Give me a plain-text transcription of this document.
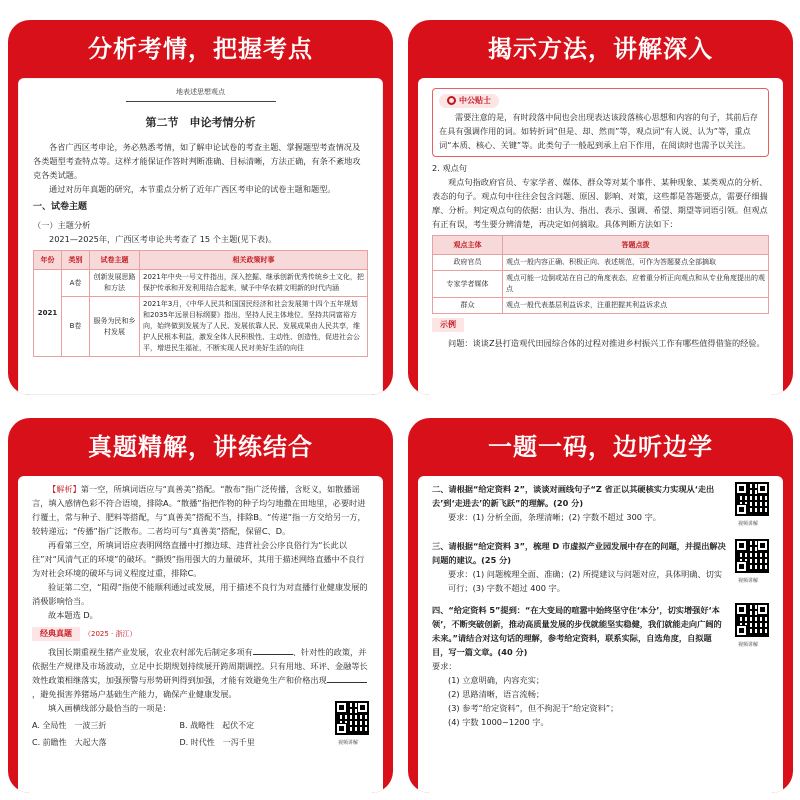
分析考情，把握考点
地表述思想观点
第二节　申论考情分析

各省广西区考申论，务必熟悉考情，如了解申论试卷的考查主题、掌握题型考查情况及各类题型考查特点等。这样才能保证作答时判断准确、目标清晰，方法正确，有条不紊地攻克各类试题。

通过对历年真题的研究，本节重点分析了近年广西区考申论的试卷主题和题型。

一、试卷主题
（一）主题分析

2021—2025年，广西区考申论共考查了 15 个主题(见下表)。

年份	类别	试卷主题	相关政策时事
2021	A卷	创新发展思路和方法	2021年中央一号文件指出，深入挖掘、继承创新优秀传统乡土文化，把保护传承和开发利用结合起来，赋予中华农耕文明新的时代内涵
	B卷	服务为民和乡村发展	2021年3月，《中华人民共和国国民经济和社会发展第十四个五年规划和2035年远景目标纲要》指出，坚持人民主体地位，坚持共同富裕方向，始终做到发展为了人民、发展依靠人民、发展成果由人民共享，维护人民根本利益，激发全体人民积极性、主动性、创造性，促进社会公平，增进民生福祉，不断实现人民对美好生活的向往
揭示方法，讲解深入
中公贴士

需要注意的是，有时段落中间也会出现表达该段落核心思想和内容的句子，其前后存在具有强调作用的词。如转折词“但是、却、然而”等，观点词“有人说、认为”等，重点词“本质、核心、关键”等。此类句子一般起到承上启下作用，在阅读时也需予以关注。

2. 观点句

观点句指政府官员、专家学者、媒体、群众等对某个事件、某种现象、某类观点的分析、表态的句子。观点句中往往会包含问题、原因、影响、对策，这些都是答题要点，需要仔细揣摩、分析。判定观点句的依据：由认为、指出、表示、强调、希望、期望等词语引领。但观点有正有误，考生要分辨清楚，再决定如何摘取。具体判断方法如下：

观点主体	答题点拨
政府官员	观点一般内容正确、积极正向、表述规范，可作为答题要点全部摘取
专家学者媒体	观点可能一边倒或站在自己的角度表态，应着重分析正向观点和从专业角度提出的观点
群众	观点一般代表基层利益诉求，注重把握其利益诉求点
示例

问题：谈谈Z县打造观代田园综合体的过程对推进乡村振兴工作有哪些值得借鉴的经验。

真题精解，讲练结合

【解析】第一空，所填词语应与“真善美”搭配。“散布”指广泛传播，含贬义，如散播谣言，填入感情色彩不符合语境，排除A。“散播”指把作物的种子均匀地撒在田地里，必要时进行覆土，常与种子、肥料等搭配，与“真善美”搭配不当，排除B。“传递”指一方交给另一方，较转递远；“传播”指广泛散布。二者均可与“真善美”搭配，保留C、D。

再看第三空，所填词语应表明网络直播中打擦边球、违背社会公序良俗行为“长此以往”对“风清气正的环境”的破坏。“撕毁”指用强大的力量破坏，其用于描述网络直播中不良行为对社会环境的破坏与词义程度过重，排除C。

验证第二空，“阻碍”指使不能顺利通过或发展，用于描述不良行为对直播行业健康发展的消极影响恰当。

故本题选 D。

经典真题 （2025 · 浙江）

我国长期重视生猪产业发展，农业农村部先后制定多项有	、针对性的政策，并依据生产规律及市场波动，立足中长期规划持续展开跨周期调控。只有用地、环评、金融等长效性政策相继落实，加强预警与形势研判得到加强，才能有效避免生产和价格出现，避免损害养猪场户基础生产能力，确保产业健康发展。

填入画横线部分最恰当的一项是：

A. 全局性　一波三折	B. 战略性　起伏不定
C. 前瞻性　大起大落	D. 时代性　一泻千里	视频讲解
一题一码，边听边学
二、请根据“给定资料 2”，谈谈对画线句子“Z 省正以其硬核实力实现从‘走出去’到‘走进去’的新飞跃”的理解。(20 分)
要求：(1) 分析全面，条理清晰；(2) 字数不超过 300 字。
视频讲解
三、请根据“给定资料 3”，梳理 D 市虚拟产业园发展中存在的问题，并提出解决问题的建议。(25 分)
要求：(1) 问题梳理全面、准确；(2) 所提建议与问题对应，具体明确、切实可行；(3) 字数不超过 400 字。
视频讲解
四、“给定资料 5”提到：“在大变局的喧嚣中始终坚守住‘本分’，切实增强好‘本领’，不断突破创新，推动高质量发展的步伐就能坚实稳健，我们就能走向广阔的未来。”请结合对这句话的理解，参考给定资料，联系实际，自选角度，自拟题目，写一篇文章。(40 分)
要求：
(1) 立意明确，内容充实；
(2) 思路清晰，语言流畅；
(3) 参考“给定资料”，但不拘泥于“给定资料”；
(4) 字数 1000~1200 字。
视频讲解
